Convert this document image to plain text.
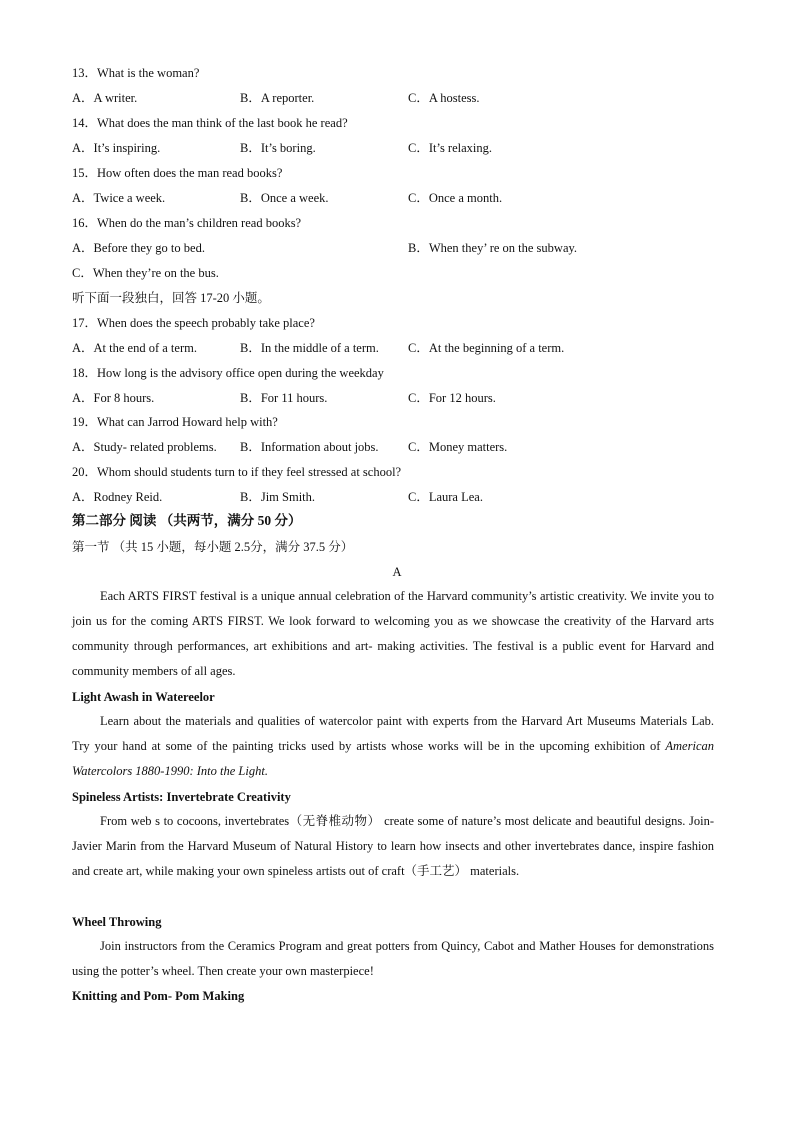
13．What is the woman?
A．A writer.	B．A reporter.	C．A hostess.
14．What does the man think of the last book he read?
A．It’s inspiring.	B．It’s boring.	C．It’s relaxing.
15．How often does the man read books?
A．Twice a week.	B．Once a week.	C．Once a month.
16．When do the man’s children read books?
A．Before they go to bed.	B．When they’ re on the subway.
C．When they’re on the bus.
听下面一段独白，回答 17-20 小题。
17．When does the speech probably take place?
A．At the end of a term.	B．In the middle of a term. C．At the beginning of a term.
18．How long is the advisory office open during the weekday
A．For 8 hours.	B．For 11 hours.	C．For 12 hours.
19．What can Jarrod Howard help with?
A．Study- related problems. B．Information about jobs. C．Money matters.
20．Whom should students turn to if they feel stressed at school?
A．Rodney Reid.	B．Jim Smith.	C．Laura Lea.
第二部分 阅读 （共两节，满分 50 分）
第一节 （共 15 小题，每小题 2.5分，满分 37.5 分）
A
Each ARTS FIRST festival is a unique annual celebration of the Harvard community’s artistic creativity. We invite you to join us for the coming ARTS FIRST. We look forward to welcoming you as we showcase the creativity of the Harvard arts community through performances, art exhibitions and art- making activities. The festival is a public event for Harvard and community members of all ages.
Light Awash in Watereelor
Learn about the materials and qualities of watercolor paint with experts from the Harvard Art Museums Materials Lab. Try your hand at some of the painting tricks used by artists whose works will be in the upcoming exhibition of American Watercolors 1880-1990: Into the Light.
Spineless Artists: Invertebrate Creativity
From web s to cocoons, invertebrates（无脊椎动物） create some of nature’s most delicate and beautiful designs. Join- Javier Marin from the Harvard Museum of Natural History to learn how insects and other invertebrates dance, inspire fashion and create art, while making your own spineless artists out of craft（手工艺） materials.
Wheel Throwing
Join instructors from the Ceramics Program and great potters from Quincy, Cabot and Mather Houses for demonstrations using the potter’s wheel. Then create your own masterpiece!
Knitting and Pom- Pom Making
